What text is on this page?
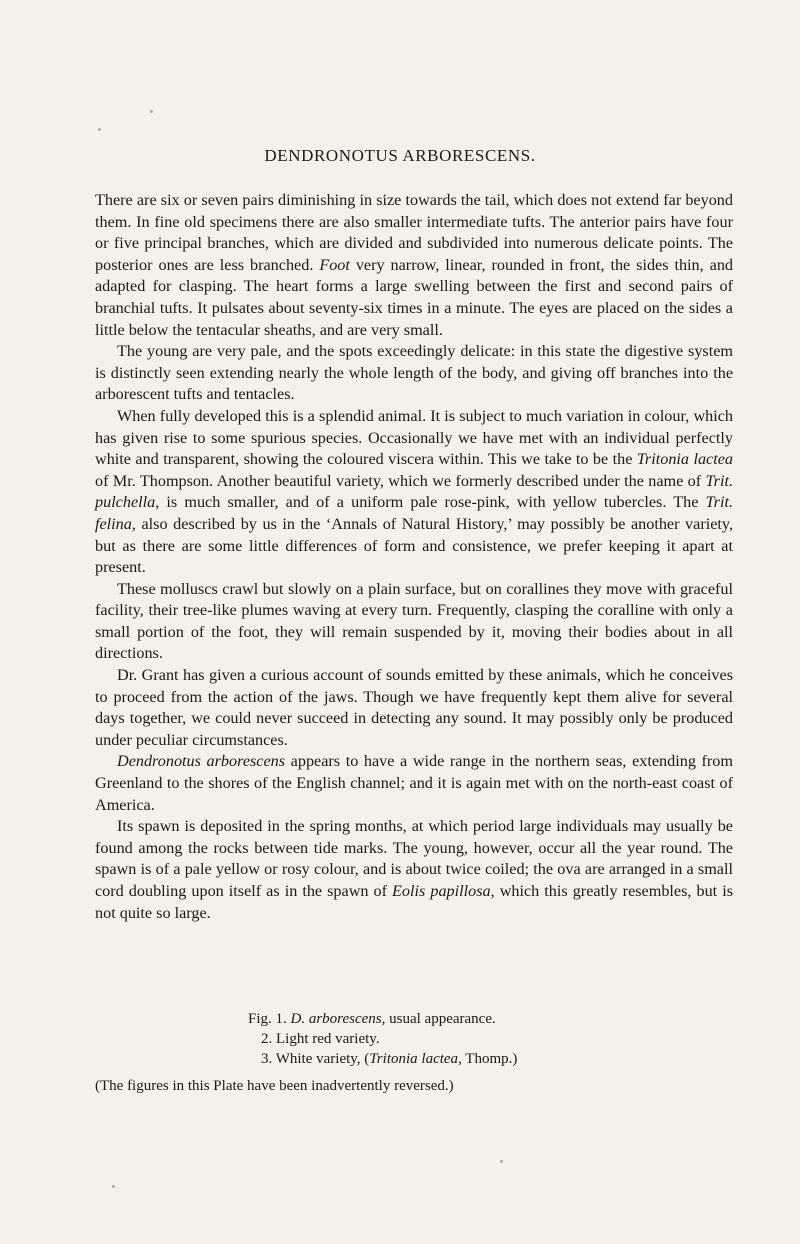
DENDRONOTUS ARBORESCENS.

There are six or seven pairs diminishing in size towards the tail, which does not extend far beyond them. In fine old specimens there are also smaller intermediate tufts. The anterior pairs have four or five principal branches, which are divided and subdivided into numerous delicate points. The posterior ones are less branched. Foot very narrow, linear, rounded in front, the sides thin, and adapted for clasping. The heart forms a large swelling between the first and second pairs of branchial tufts. It pulsates about seventy-six times in a minute. The eyes are placed on the sides a little below the tentacular sheaths, and are very small.

The young are very pale, and the spots exceedingly delicate: in this state the digestive system is distinctly seen extending nearly the whole length of the body, and giving off branches into the arborescent tufts and tentacles.

When fully developed this is a splendid animal. It is subject to much variation in colour, which has given rise to some spurious species. Occasionally we have met with an individual perfectly white and transparent, showing the coloured viscera within. This we take to be the Tritonia lactea of Mr. Thompson. Another beautiful variety, which we formerly described under the name of Trit. pulchella, is much smaller, and of a uniform pale rose-pink, with yellow tubercles. The Trit. felina, also described by us in the ‘Annals of Natural History,’ may possibly be another variety, but as there are some little differences of form and consistence, we prefer keeping it apart at present.

These molluscs crawl but slowly on a plain surface, but on corallines they move with graceful facility, their tree-like plumes waving at every turn. Frequently, clasping the coralline with only a small portion of the foot, they will remain suspended by it, moving their bodies about in all directions.

Dr. Grant has given a curious account of sounds emitted by these animals, which he conceives to proceed from the action of the jaws. Though we have frequently kept them alive for several days together, we could never succeed in detecting any sound. It may possibly only be produced under peculiar circumstances.

Dendronotus arborescens appears to have a wide range in the northern seas, extending from Greenland to the shores of the English channel; and it is again met with on the north-east coast of America.

Its spawn is deposited in the spring months, at which period large individuals may usually be found among the rocks between tide marks. The young, however, occur all the year round. The spawn is of a pale yellow or rosy colour, and is about twice coiled; the ova are arranged in a small cord doubling upon itself as in the spawn of Eolis papillosa, which this greatly resembles, but is not quite so large.

Fig. 1. D. arborescens, usual appearance.
2. Light red variety.
3. White variety, (Tritonia lactea, Thomp.)
(The figures in this Plate have been inadvertently reversed.)
